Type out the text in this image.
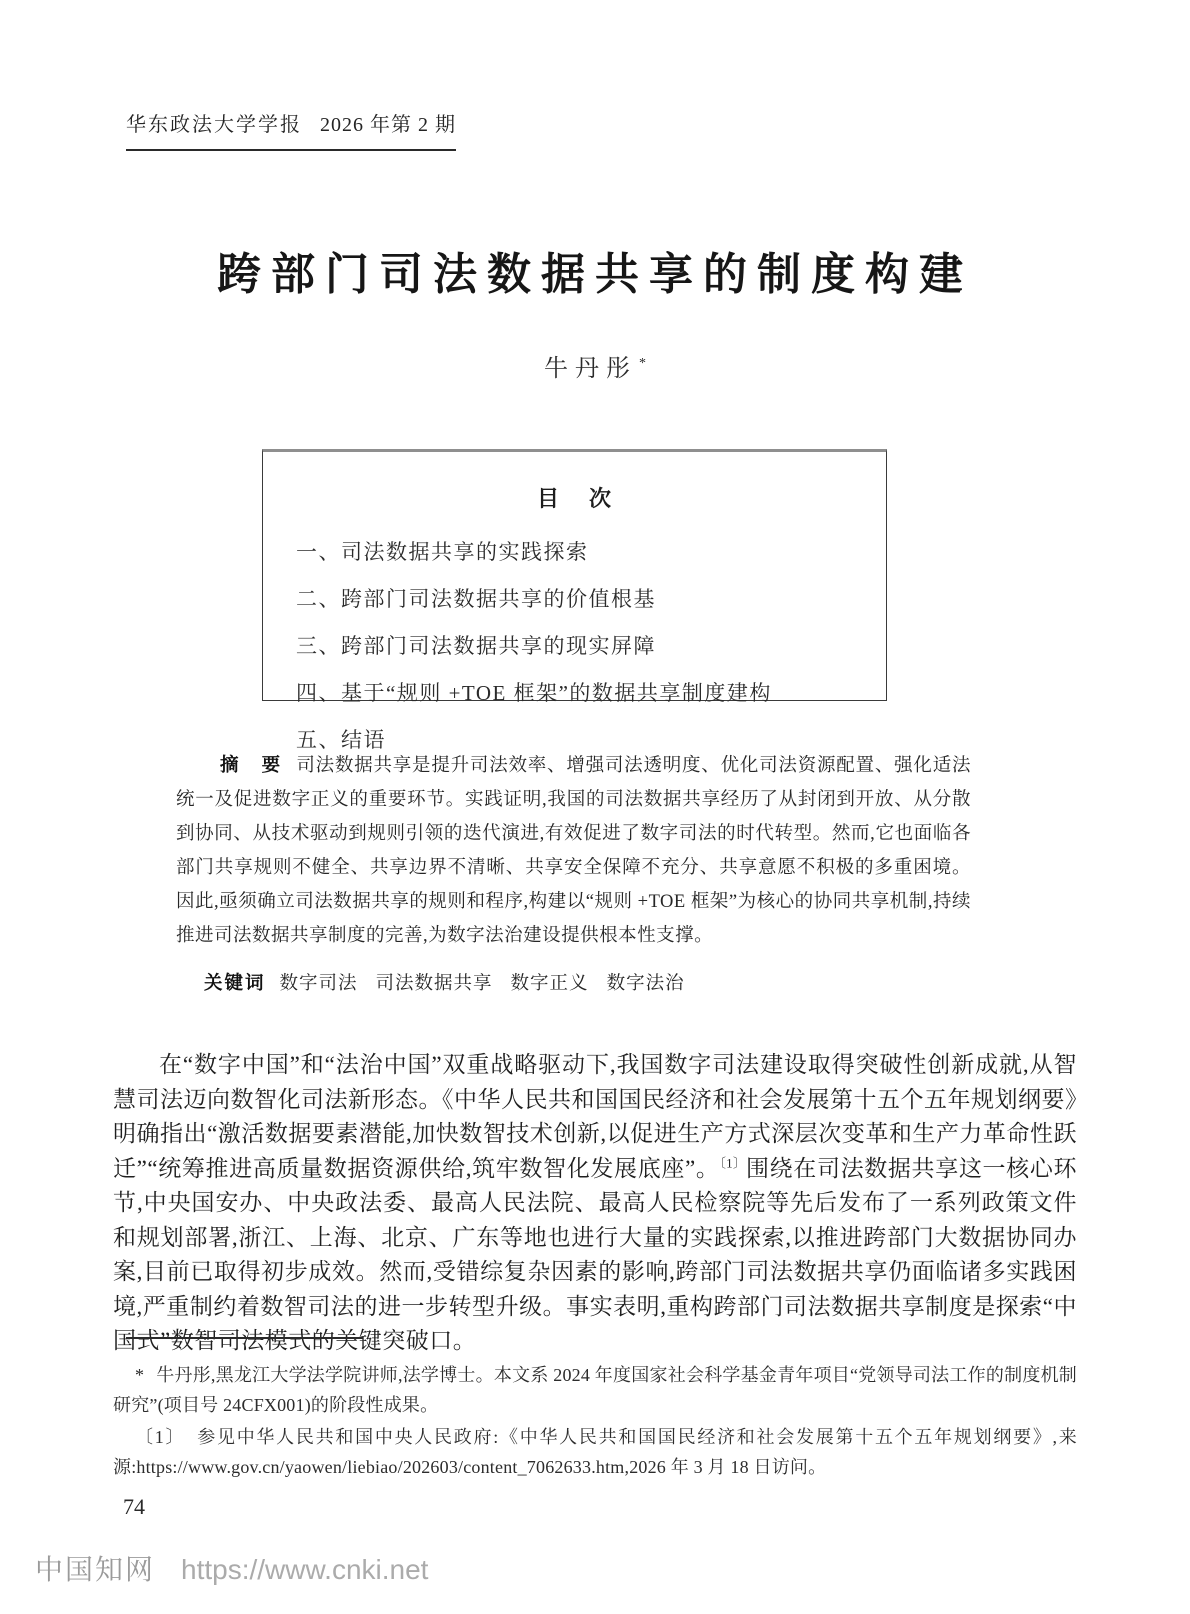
华东政法大学学报 2026 年第 2 期
跨部门司法数据共享的制度构建
牛丹彤 *
目　次
一、司法数据共享的实践探索
二、跨部门司法数据共享的价值根基
三、跨部门司法数据共享的现实屏障
四、基于“规则 +TOE 框架”的数据共享制度建构
五、结语

摘　要 司法数据共享是提升司法效率、增强司法透明度、优化司法资源配置、强化适法统一及促进数字正义的重要环节。实践证明,我国的司法数据共享经历了从封闭到开放、从分散到协同、从技术驱动到规则引领的迭代演进,有效促进了数字司法的时代转型。然而,它也面临各部门共享规则不健全、共享边界不清晰、共享安全保障不充分、共享意愿不积极的多重困境。因此,亟须确立司法数据共享的规则和程序,构建以“规则 +TOE 框架”为核心的协同共享机制,持续推进司法数据共享制度的完善,为数字法治建设提供根本性支撑。

关键词 数字司法 司法数据共享 数字正义 数字法治

在“数字中国”和“法治中国”双重战略驱动下,我国数字司法建设取得突破性创新成就,从智慧司法迈向数智化司法新形态。《中华人民共和国国民经济和社会发展第十五个五年规划纲要》明确指出“激活数据要素潜能,加快数智技术创新,以促进生产方式深层次变革和生产力革命性跃迁”“统筹推进高质量数据资源供给,筑牢数智化发展底座”。$^{〔1〕}$围绕在司法数据共享这一核心环节,中央国安办、中央政法委、最高人民法院、最高人民检察院等先后发布了一系列政策文件和规划部署,浙江、上海、北京、广东等地也进行大量的实践探索,以推进跨部门大数据协同办案,目前已取得初步成效。然而,受错综复杂因素的影响,跨部门司法数据共享仍面临诸多实践困境,严重制约着数智司法的进一步转型升级。事实表明,重构跨部门司法数据共享制度是探索“中国式”数智司法模式的关键突破口。

* 牛丹彤,黑龙江大学法学院讲师,法学博士。本文系 2024 年度国家社会科学基金青年项目“党领导司法工作的制度机制研究”(项目号 24CFX001)的阶段性成果。

〔1〕 参见中华人民共和国中央人民政府:《中华人民共和国国民经济和社会发展第十五个五年规划纲要》,来源:https://www.gov.cn/yaowen/liebiao/202603/content_7062633.htm,2026 年 3 月 18 日访问。

74
中国知网 https://www.cnki.net
